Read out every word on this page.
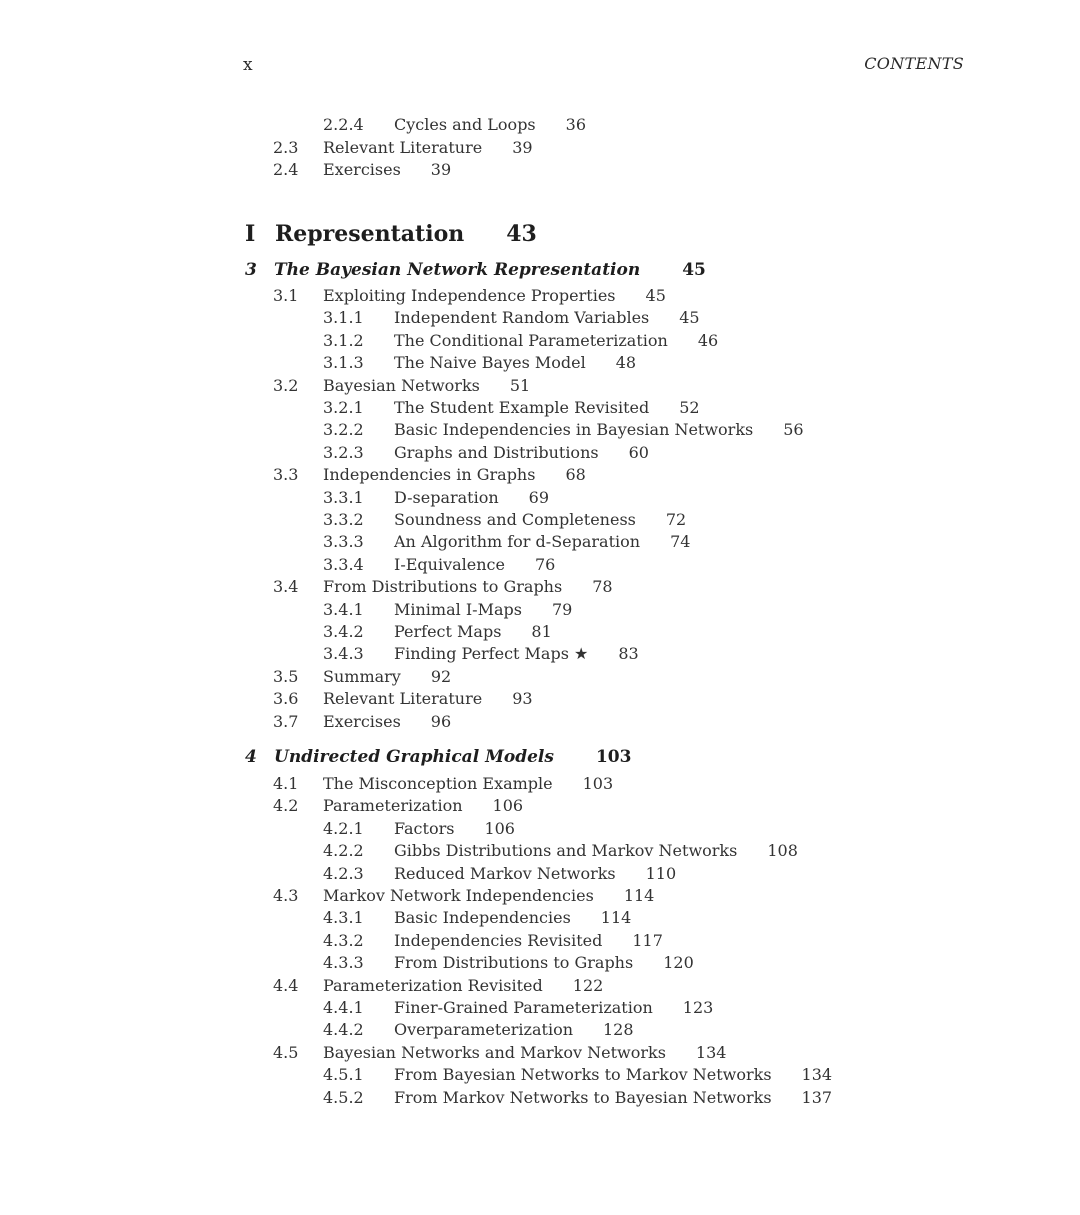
x	CONTENTS
2.2.4 Cycles and Loops 36
2.3 Relevant Literature 39
2.4 Exercises 39
I Representation 43
3 The Bayesian Network Representation 45
3.1 Exploiting Independence Properties 45
3.1.1 Independent Random Variables 45
3.1.2 The Conditional Parameterization 46
3.1.3 The Naive Bayes Model 48
3.2 Bayesian Networks 51
3.2.1 The Student Example Revisited 52
3.2.2 Basic Independencies in Bayesian Networks 56
3.2.3 Graphs and Distributions 60
3.3 Independencies in Graphs 68
3.3.1 D-separation 69
3.3.2 Soundness and Completeness 72
3.3.3 An Algorithm for d-Separation 74
3.3.4 I-Equivalence 76
3.4 From Distributions to Graphs 78
3.4.1 Minimal I-Maps 79
3.4.2 Perfect Maps 81
3.4.3 Finding Perfect Maps ★ 83
3.5 Summary 92
3.6 Relevant Literature 93
3.7 Exercises 96
4 Undirected Graphical Models 103
4.1 The Misconception Example 103
4.2 Parameterization 106
4.2.1 Factors 106
4.2.2 Gibbs Distributions and Markov Networks 108
4.2.3 Reduced Markov Networks 110
4.3 Markov Network Independencies 114
4.3.1 Basic Independencies 114
4.3.2 Independencies Revisited 117
4.3.3 From Distributions to Graphs 120
4.4 Parameterization Revisited 122
4.4.1 Finer-Grained Parameterization 123
4.4.2 Overparameterization 128
4.5 Bayesian Networks and Markov Networks 134
4.5.1 From Bayesian Networks to Markov Networks 134
4.5.2 From Markov Networks to Bayesian Networks 137
